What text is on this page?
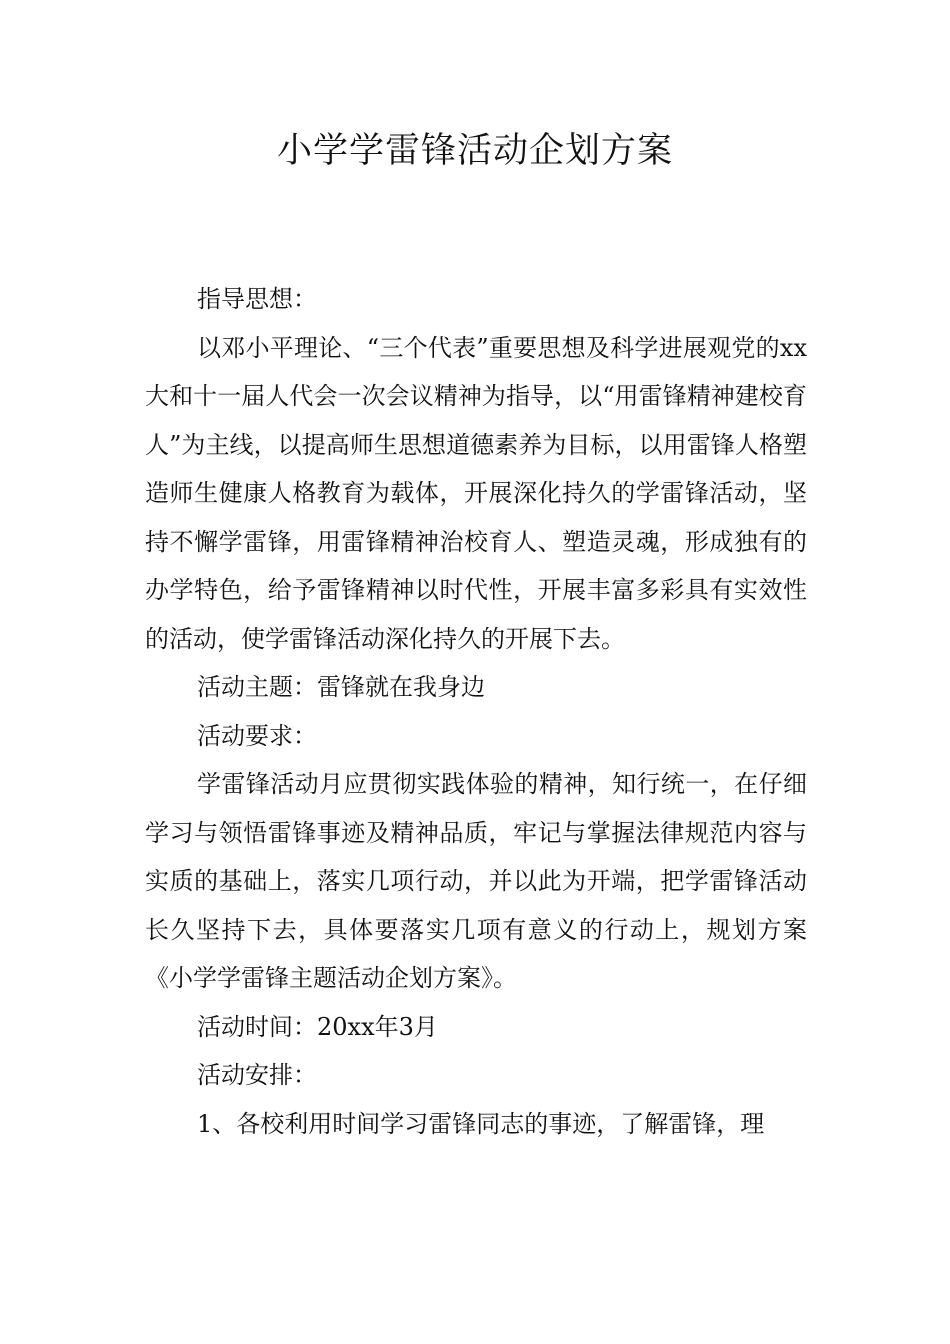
小学学雷锋活动企划方案

指导思想：

以邓小平理论、“三个代表”重要思想及科学进展观党的xx大和十一届人代会一次会议精神为指导，以“用雷锋精神建校育人”为主线，以提高师生思想道德素养为目标，以用雷锋人格塑造师生健康人格教育为载体，开展深化持久的学雷锋活动，坚持不懈学雷锋，用雷锋精神治校育人、塑造灵魂，形成独有的办学特色，给予雷锋精神以时代性，开展丰富多彩具有实效性的活动，使学雷锋活动深化持久的开展下去。

活动主题：雷锋就在我身边

活动要求：

学雷锋活动月应贯彻实践体验的精神，知行统一，在仔细学习与领悟雷锋事迹及精神品质，牢记与掌握法律规范内容与实质的基础上，落实几项行动，并以此为开端，把学雷锋活动长久坚持下去，具体要落实几项有意义的行动上，规划方案《小学学雷锋主题活动企划方案》。

活动时间：20xx年3月

活动安排：

1、各校利用时间学习雷锋同志的事迹，了解雷锋，理
